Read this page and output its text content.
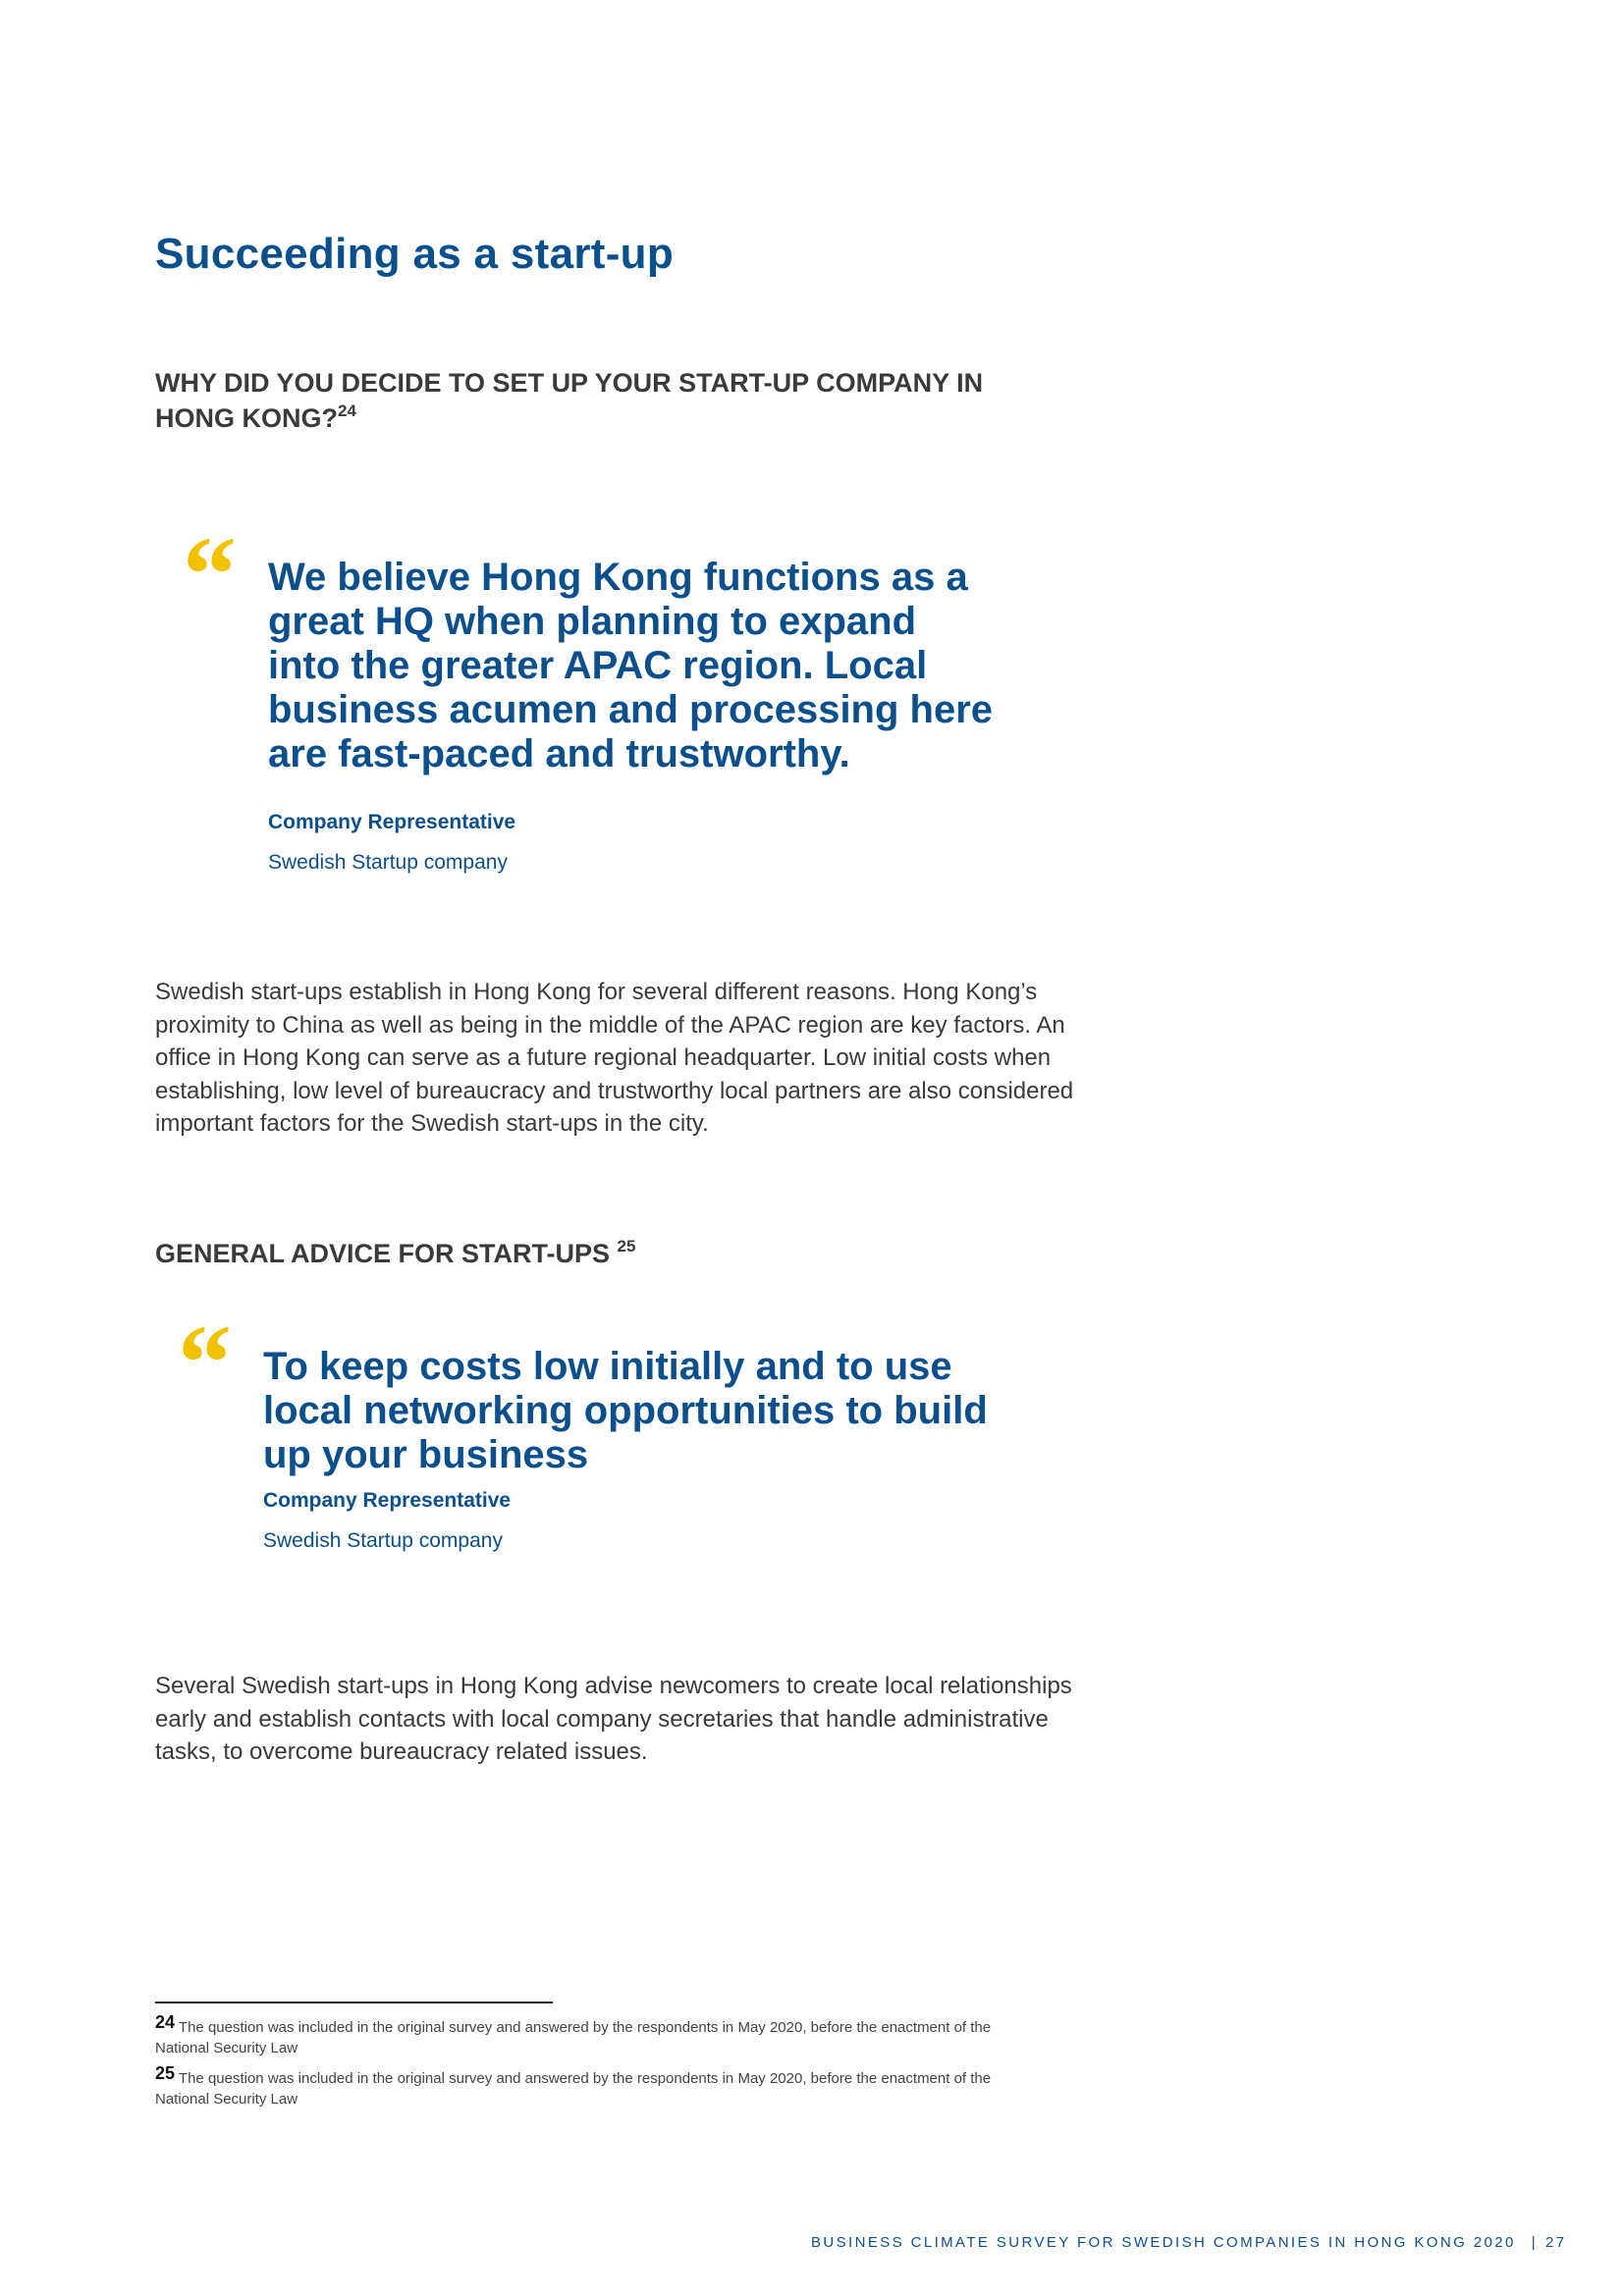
Succeeding as a start-up
WHY DID YOU DECIDE TO SET UP YOUR START-UP COMPANY IN
HONG KONG?$^{24}$
“ We believe Hong Kong functions as a
great HQ when planning to expand
into the greater APAC region. Local
business acumen and processing here
are fast-paced and trustworthy.
Company Representative
Swedish Startup company
Swedish start-ups establish in Hong Kong for several different reasons. Hong Kong’s
proximity to China as well as being in the middle of the APAC region are key factors. An
office in Hong Kong can serve as a future regional headquarter. Low initial costs when
establishing, low level of bureaucracy and trustworthy local partners are also considered
important factors for the Swedish start-ups in the city.
GENERAL ADVICE FOR START-UPS $^{25}$
“ To keep costs low initially and to use
local networking opportunities to build
up your business
Company Representative
Swedish Startup company
Several Swedish start-ups in Hong Kong advise newcomers to create local relationships
early and establish contacts with local company secretaries that handle administrative
tasks, to overcome bureaucracy related issues.
24 The question was included in the original survey and answered by the respondents in May 2020, before the enactment of the
National Security Law
25 The question was included in the original survey and answered by the respondents in May 2020, before the enactment of the
National Security Law
BUSINESS CLIMATE SURVEY FOR SWEDISH COMPANIES IN HONG KONG 2020 | 27
